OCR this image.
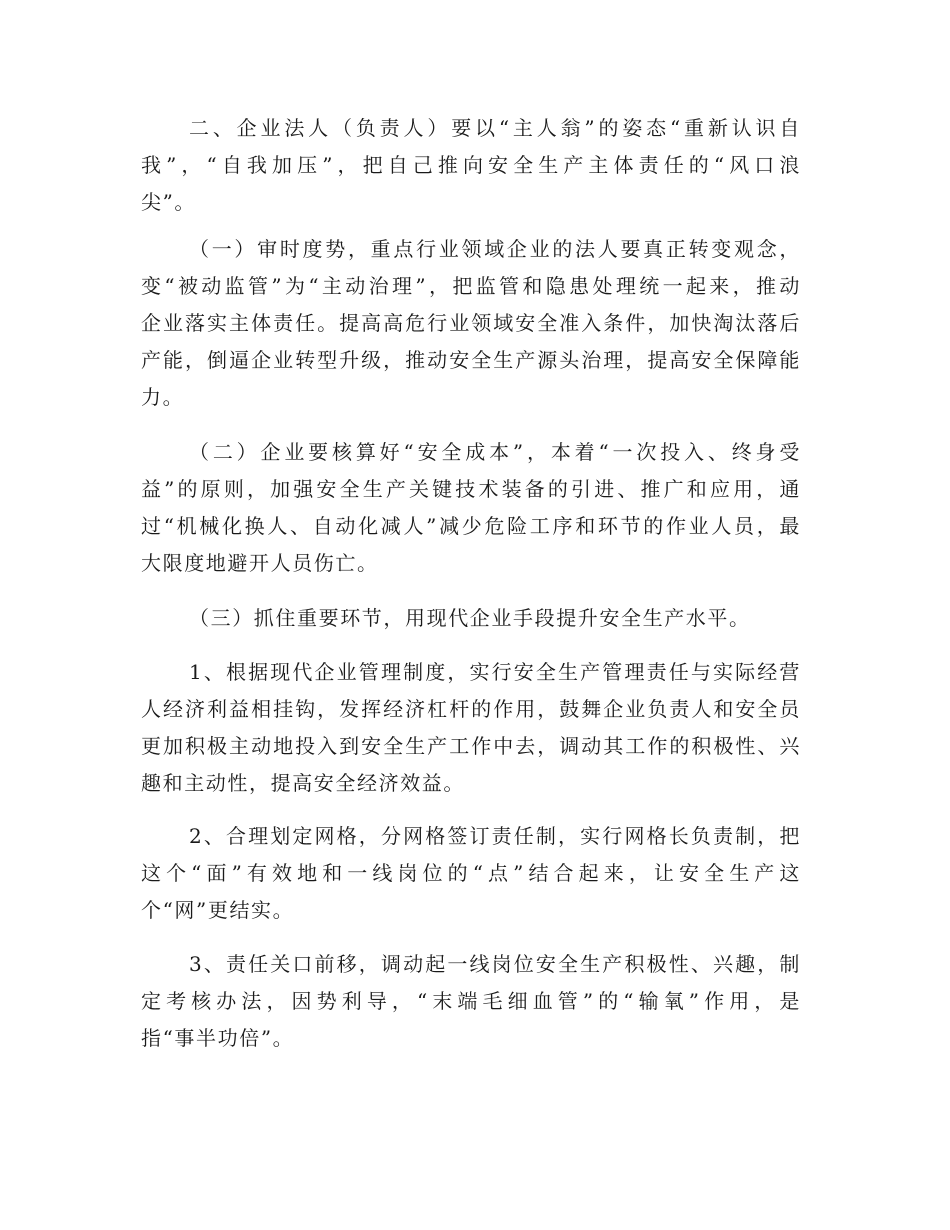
二、企业法人（负责人）要以“主人翁”的姿态“重新认识自
我”，“自我加压”，把自己推向安全生产主体责任的“风口浪
尖”。
（一）审时度势，重点行业领域企业的法人要真正转变观念，
变“被动监管”为“主动治理”，把监管和隐患处理统一起来，推动
企业落实主体责任。提高高危行业领域安全准入条件，加快淘汰落后
产能，倒逼企业转型升级，推动安全生产源头治理，提高安全保障能
力。
（二）企业要核算好“安全成本”，本着“一次投入、终身受
益”的原则，加强安全生产关键技术装备的引进、推广和应用，通
过“机械化换人、自动化减人”减少危险工序和环节的作业人员，最
大限度地避开人员伤亡。
（三）抓住重要环节，用现代企业手段提升安全生产水平。
1、根据现代企业管理制度，实行安全生产管理责任与实际经营
人经济利益相挂钩，发挥经济杠杆的作用，鼓舞企业负责人和安全员
更加积极主动地投入到安全生产工作中去，调动其工作的积极性、兴
趣和主动性，提高安全经济效益。
2、合理划定网格，分网格签订责任制，实行网格长负责制，把
这个“面”有效地和一线岗位的“点”结合起来，让安全生产这
个“网”更结实。
3、责任关口前移，调动起一线岗位安全生产积极性、兴趣，制
定考核办法，因势利导，“末端毛细血管”的“输氧”作用，是
指“事半功倍”。
